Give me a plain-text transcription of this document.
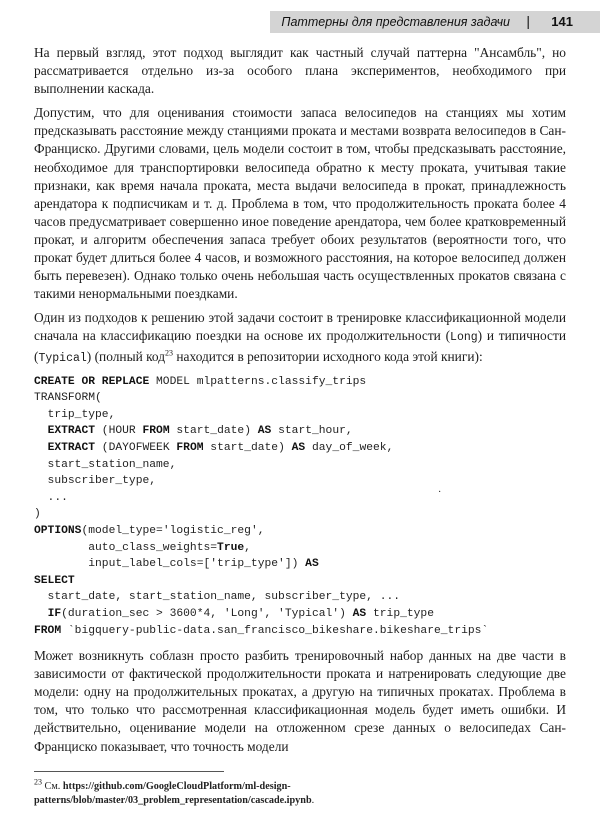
Паттерны для представления задачи | 141

На первый взгляд, этот подход выглядит как частный случай паттерна "Ансамбль", но рассматривается отдельно из-за особого плана экспериментов, необходимого при выполнении каскада.

Допустим, что для оценивания стоимости запаса велосипедов на станциях мы хотим предсказывать расстояние между станциями проката и местами возврата велосипедов в Сан-Франциско. Другими словами, цель модели состоит в том, чтобы предсказывать расстояние, необходимое для транспортировки велосипеда обратно к месту проката, учитывая такие признаки, как время начала проката, места выдачи велосипеда в прокат, принадлежность арендатора к подписчикам и т. д. Проблема в том, что продолжительность проката более 4 часов предусматривает совершенно иное поведение арендатора, чем более кратковременный прокат, и алгоритм обеспечения запаса требует обоих результатов (вероятности того, что прокат будет длиться более 4 часов, и возможного расстояния, на которое велосипед должен быть перевезен). Однако только очень небольшая часть осуществленных прокатов связана с такими ненормальными поездками.

Один из подходов к решению этой задачи состоит в тренировке классификационной модели сначала на классификацию поездки на основе их продолжительности (Long) и типичности (Typical) (полный код$^{23}$ находится в репозитории исходного кода этой книги):

CREATE OR REPLACE MODEL mlpatterns.classify_trips
TRANSFORM(
trip_type,
EXTRACT (HOUR FROM start_date) AS start_hour,
EXTRACT (DAYOFWEEK FROM start_date) AS day_of_week,
start_station_name,
subscriber_type,
...
)
OPTIONS(model_type='logistic_reg',
auto_class_weights=True,
input_label_cols=['trip_type']) AS
SELECT
start_date, start_station_name, subscriber_type, ...
IF(duration_sec > 3600*4, 'Long', 'Typical') AS trip_type
FROM `bigquery-public-data.san_francisco_bikeshare.bikeshare_trips`

Может возникнуть соблазн просто разбить тренировочный набор данных на две части в зависимости от фактической продолжительности проката и натренировать следующие две модели: одну на продолжительных прокатах, а другую на типичных прокатах. Проблема в том, что только что рассмотренная классификационная модель будет иметь ошибки. И действительно, оценивание модели на отложенном срезе данных о велосипедах Сан-Франциско показывает, что точность модели

·
$^{23}$ См. https://github.com/GoogleCloudPlatform/ml-design-patterns/blob/master/03_problem_representation/cascade.ipynb.
